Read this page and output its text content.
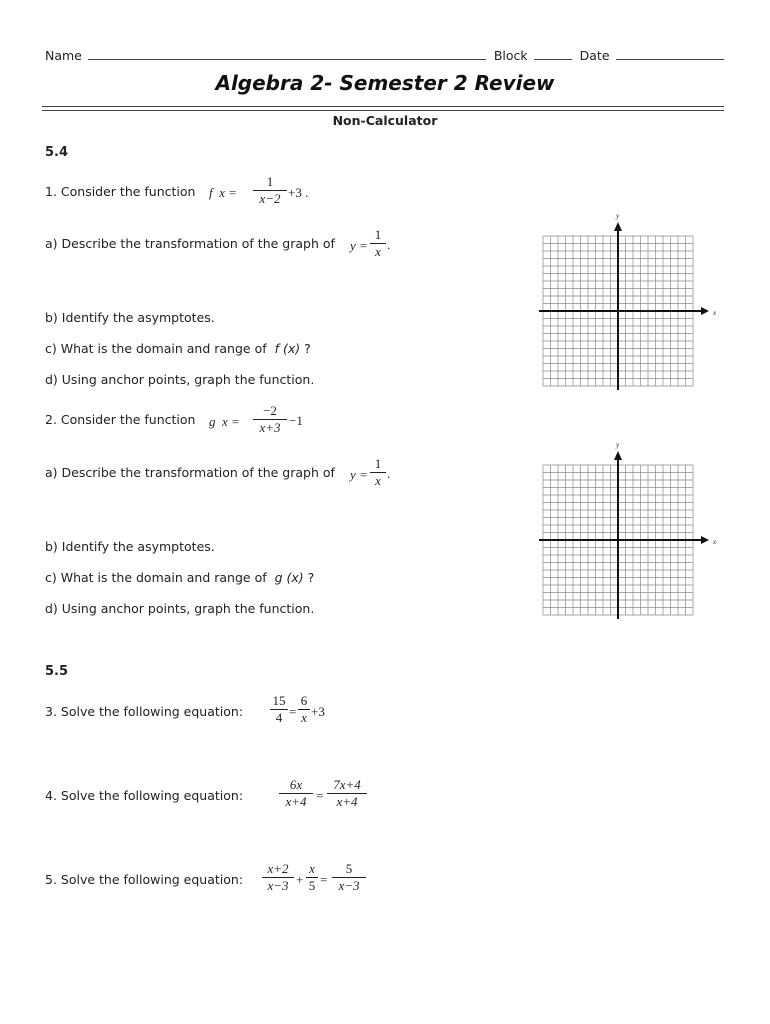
Name	Block	Date
Algebra 2- Semester 2 Review
Non-Calculator
5.4
1. Consider the function f x =
1
x−2 +3 .
a) Describe the transformation of the graph of y =
1
x .
b) Identify the asymptotes.
c) What is the domain and range of f (x) ?
d) Using anchor points, graph the function.
x
y
2. Consider the function g x =
−2
x+3 −1
a) Describe the transformation of the graph of y =
1
x .
b) Identify the asymptotes.
c) What is the domain and range of g (x) ?
d) Using anchor points, graph the function.
x
y
5.5
3. Solve the following equation:
15
4 =
6
x +3
4. Solve the following equation:
6x
x+4 =
7x+4
x+4
5. Solve the following equation:
x+2
x−3 +
x
5 =
5
x−3
